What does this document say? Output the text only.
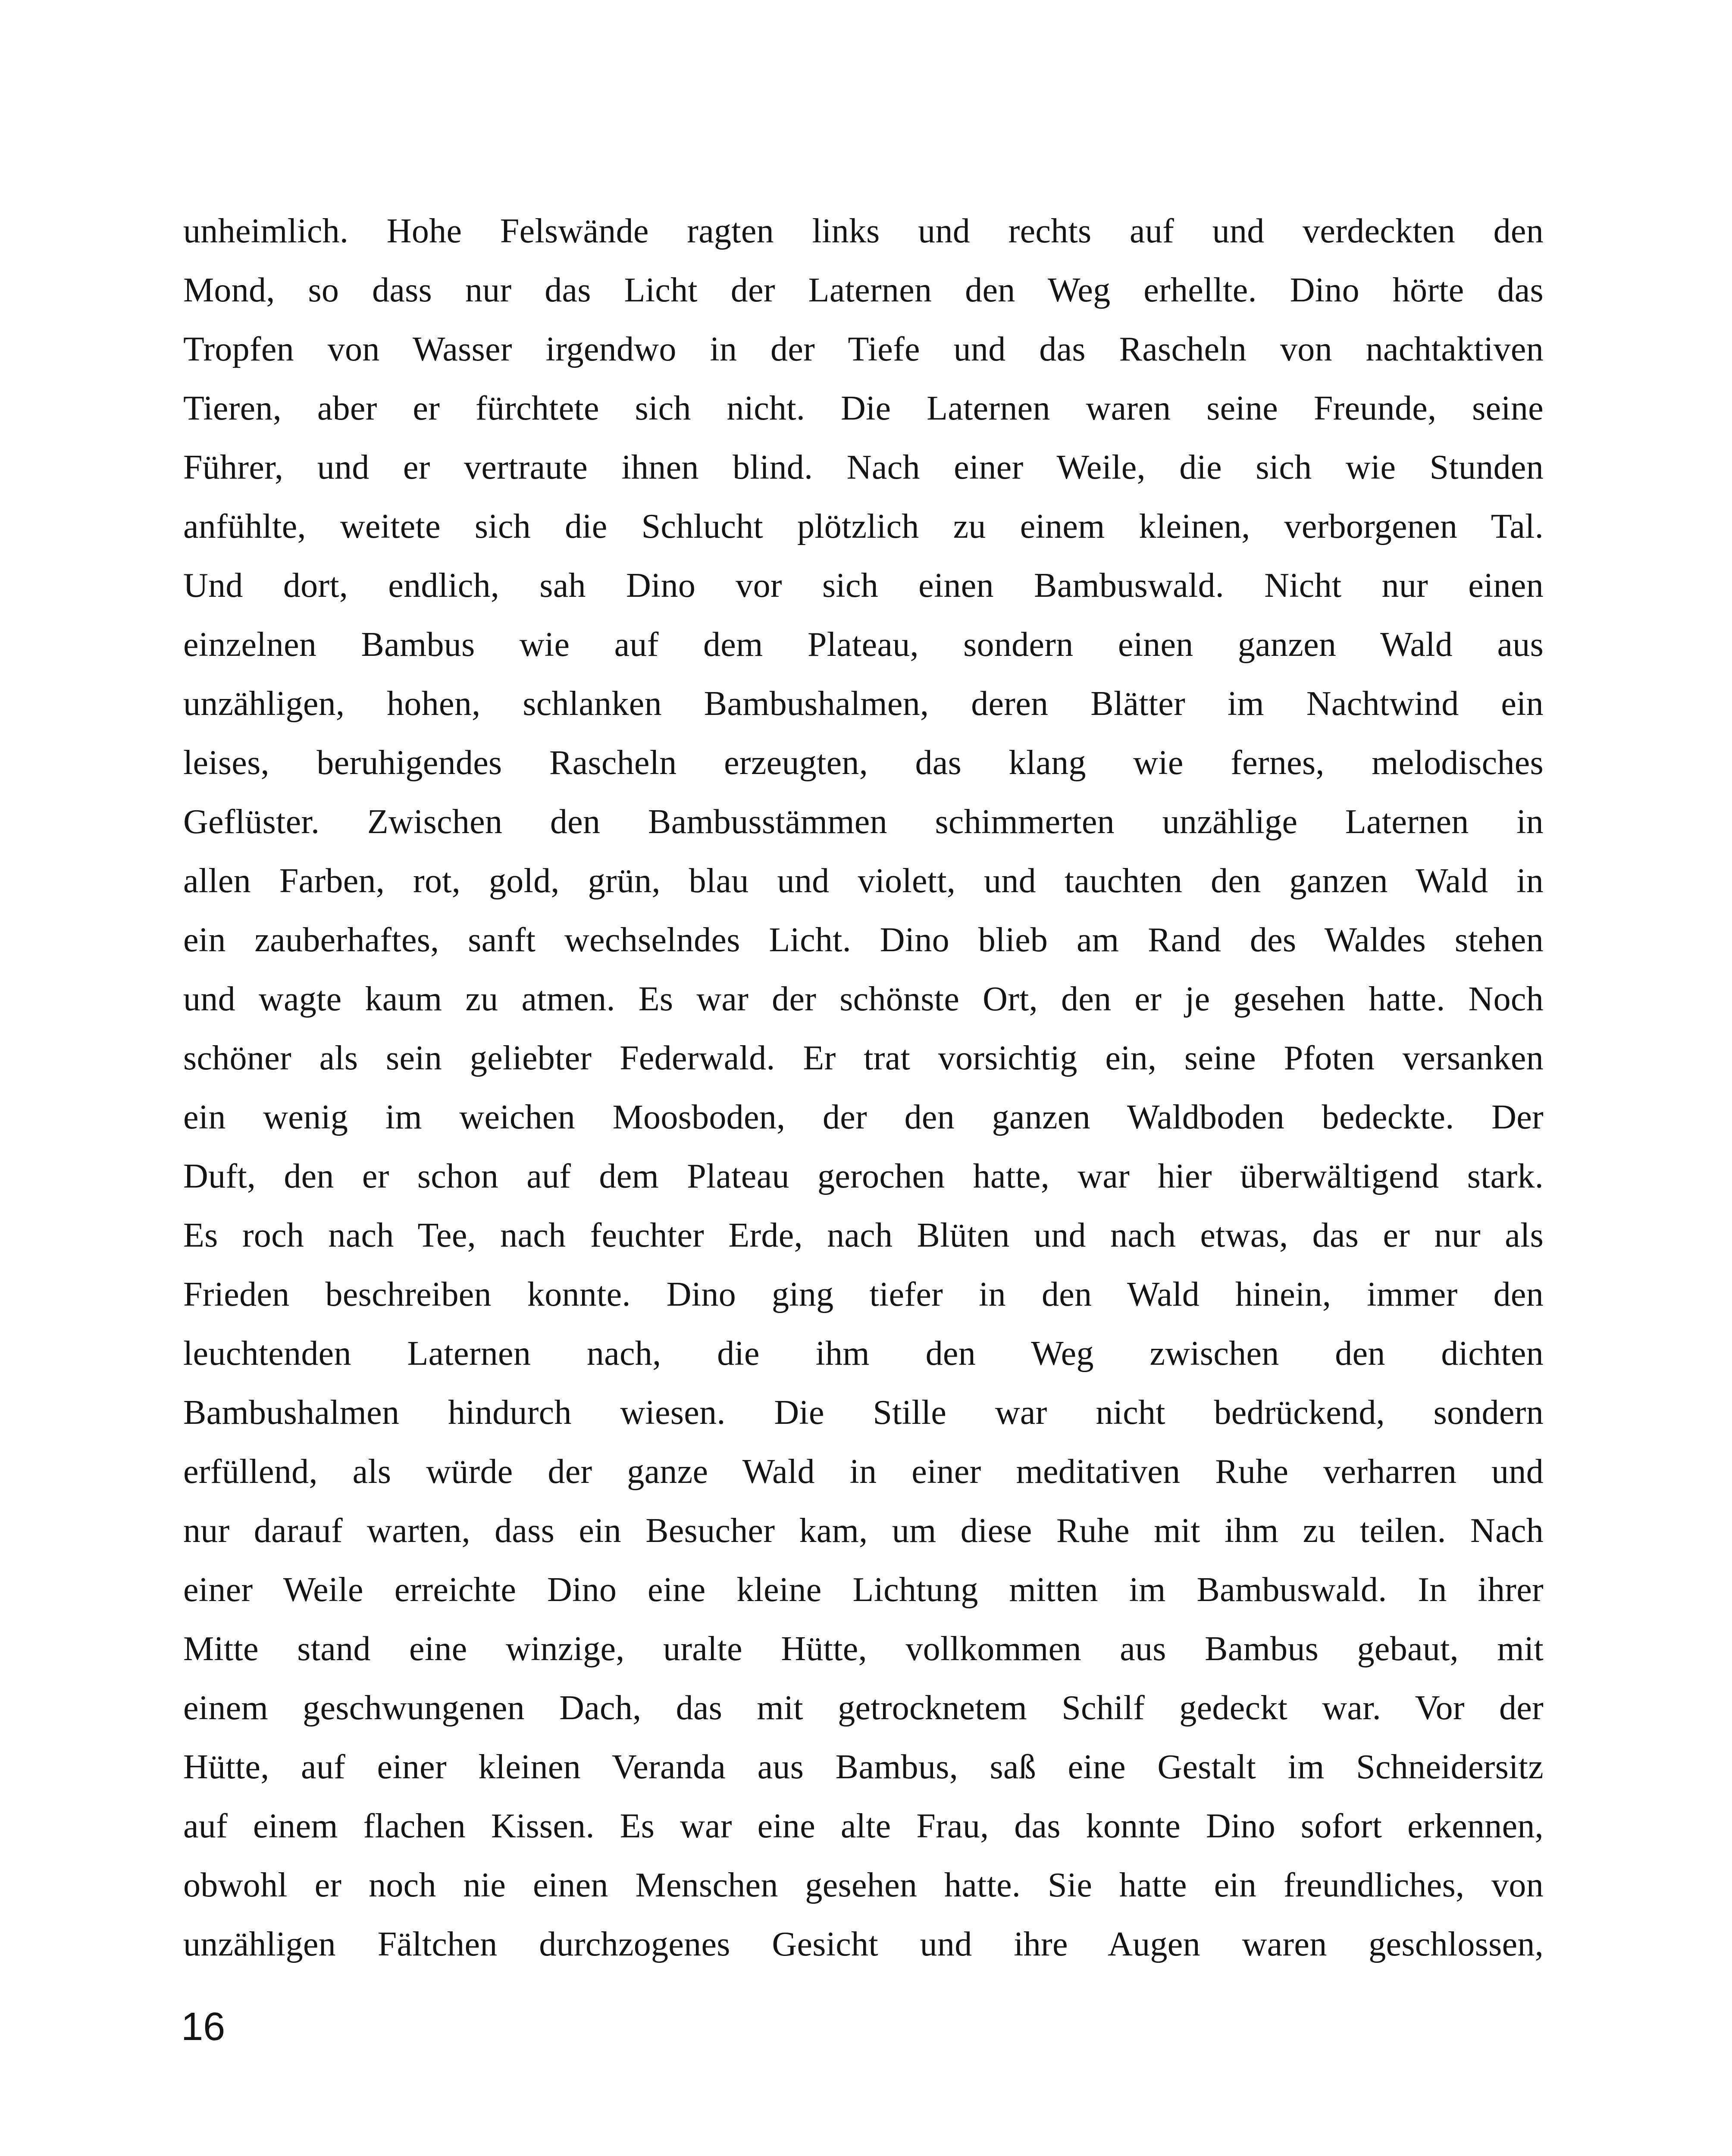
unheimlich. Hohe Felswände ragten links und rechts auf und verdeckten den
Mond, so dass nur das Licht der Laternen den Weg erhellte. Dino hörte das
Tropfen von Wasser irgendwo in der Tiefe und das Rascheln von nachtaktiven
Tieren, aber er fürchtete sich nicht. Die Laternen waren seine Freunde, seine
Führer, und er vertraute ihnen blind. Nach einer Weile, die sich wie Stunden
anfühlte, weitete sich die Schlucht plötzlich zu einem kleinen, verborgenen Tal.
Und dort, endlich, sah Dino vor sich einen Bambuswald. Nicht nur einen
einzelnen Bambus wie auf dem Plateau, sondern einen ganzen Wald aus
unzähligen, hohen, schlanken Bambushalmen, deren Blätter im Nachtwind ein
leises, beruhigendes Rascheln erzeugten, das klang wie fernes, melodisches
Geflüster. Zwischen den Bambusstämmen schimmerten unzählige Laternen in
allen Farben, rot, gold, grün, blau und violett, und tauchten den ganzen Wald in
ein zauberhaftes, sanft wechselndes Licht. Dino blieb am Rand des Waldes stehen
und wagte kaum zu atmen. Es war der schönste Ort, den er je gesehen hatte. Noch
schöner als sein geliebter Federwald. Er trat vorsichtig ein, seine Pfoten versanken
ein wenig im weichen Moosboden, der den ganzen Waldboden bedeckte. Der
Duft, den er schon auf dem Plateau gerochen hatte, war hier überwältigend stark.
Es roch nach Tee, nach feuchter Erde, nach Blüten und nach etwas, das er nur als
Frieden beschreiben konnte. Dino ging tiefer in den Wald hinein, immer den
leuchtenden Laternen nach, die ihm den Weg zwischen den dichten
Bambushalmen hindurch wiesen. Die Stille war nicht bedrückend, sondern
erfüllend, als würde der ganze Wald in einer meditativen Ruhe verharren und
nur darauf warten, dass ein Besucher kam, um diese Ruhe mit ihm zu teilen. Nach
einer Weile erreichte Dino eine kleine Lichtung mitten im Bambuswald. In ihrer
Mitte stand eine winzige, uralte Hütte, vollkommen aus Bambus gebaut, mit
einem geschwungenen Dach, das mit getrocknetem Schilf gedeckt war. Vor der
Hütte, auf einer kleinen Veranda aus Bambus, saß eine Gestalt im Schneidersitz
auf einem flachen Kissen. Es war eine alte Frau, das konnte Dino sofort erkennen,
obwohl er noch nie einen Menschen gesehen hatte. Sie hatte ein freundliches, von
unzähligen Fältchen durchzogenes Gesicht und ihre Augen waren geschlossen,
16
